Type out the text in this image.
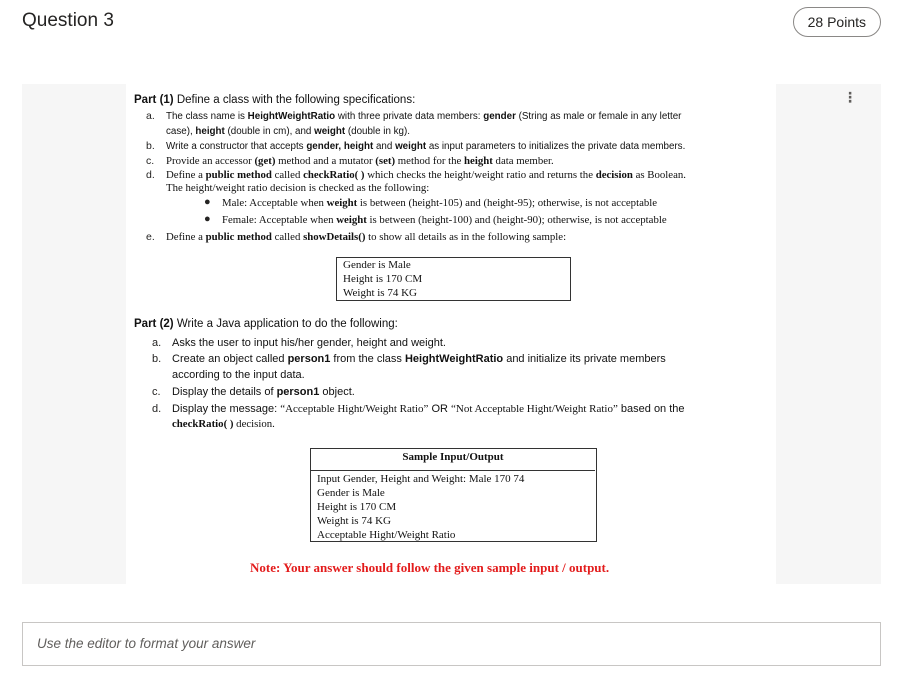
Question 3	28 Points
⋮
Part (1) Define a class with the following specifications:
a. The class name is HeightWeightRatio with three private data members: gender (String as male or female in any letter
case), height (double in cm), and weight (double in kg).
b. Write a constructor that accepts gender, height and weight as input parameters to initializes the private data members.
c. Provide an accessor (get) method and a mutator (set) method for the height data member.
d. Define a public method called checkRatio( ) which checks the height/weight ratio and returns the decision as Boolean.
The height/weight ratio decision is checked as the following:
● Male: Acceptable when weight is between (height-105) and (height-95); otherwise, is not acceptable
● Female: Acceptable when weight is between (height-100) and (height-90); otherwise, is not acceptable
e. Define a public method called showDetails() to show all details as in the following sample:
Gender is Male
Height is 170 CM
Weight is 74 KG
Part (2) Write a Java application to do the following:
a. Asks the user to input his/her gender, height and weight.
b. Create an object called person1 from the class HeightWeightRatio and initialize its private members
according to the input data.
c. Display the details of person1 object.
d. Display the message: “Acceptable Hight/Weight Ratio” OR “Not Acceptable Hight/Weight Ratio” based on the
checkRatio( ) decision.
Sample Input/Output
Input Gender, Height and Weight: Male 170 74
Gender is Male
Height is 170 CM
Weight is 74 KG
Acceptable Hight/Weight Ratio
Note: Your answer should follow the given sample input / output.
Use the editor to format your answer
